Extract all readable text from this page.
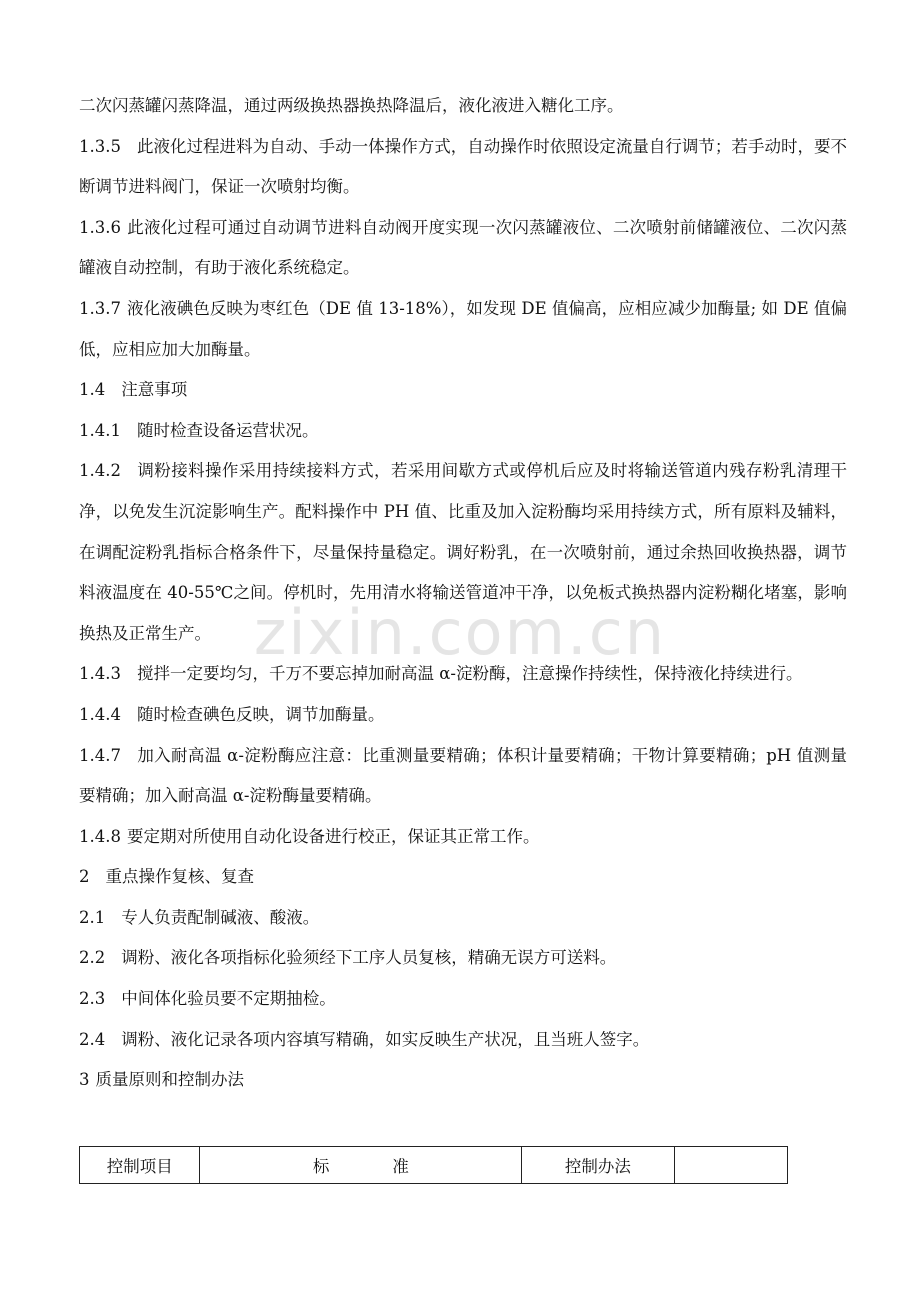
zixin.com.cn

二次闪蒸罐闪蒸降温，通过两级换热器换热降温后，液化液进入糖化工序。

1.3.5 此液化过程进料为自动、手动一体操作方式，自动操作时依照设定流量自行调节；若手动时，要不断调节进料阀门，保证一次喷射均衡。

1.3.6 此液化过程可通过自动调节进料自动阀开度实现一次闪蒸罐液位、二次喷射前储罐液位、二次闪蒸罐液自动控制，有助于液化系统稳定。

1.3.7 液化液碘色反映为枣红色（DE 值 13-18%），如发现 DE 值偏高，应相应减少加酶量; 如 DE 值偏低，应相应加大加酶量。

1.4 注意事项

1.4.1 随时检查设备运营状况。

1.4.2 调粉接料操作采用持续接料方式，若采用间歇方式或停机后应及时将输送管道内残存粉乳清理干净，以免发生沉淀影响生产。配料操作中 PH 值、比重及加入淀粉酶均采用持续方式，所有原料及辅料，在调配淀粉乳指标合格条件下，尽量保持量稳定。调好粉乳，在一次喷射前，通过余热回收换热器，调节料液温度在 40-55℃之间。停机时，先用清水将输送管道冲干净，以免板式换热器内淀粉糊化堵塞，影响换热及正常生产。

1.4.3 搅拌一定要均匀，千万不要忘掉加耐高温 α-淀粉酶，注意操作持续性，保持液化持续进行。

1.4.4 随时检查碘色反映，调节加酶量。

1.4.7 加入耐高温 α-淀粉酶应注意：比重测量要精确；体积计量要精确；干物计算要精确；pH 值测量要精确；加入耐高温 α-淀粉酶量要精确。

1.4.8 要定期对所使用自动化设备进行校正，保证其正常工作。

2 重点操作复核、复查

2.1 专人负责配制碱液、酸液。

2.2 调粉、液化各项指标化验须经下工序人员复核，精确无误方可送料。

2.3 中间体化验员要不定期抽检。

2.4 调粉、液化记录各项内容填写精确，如实反映生产状况，且当班人签字。

3 质量原则和控制办法

控制项目	标            准	控制办法	
